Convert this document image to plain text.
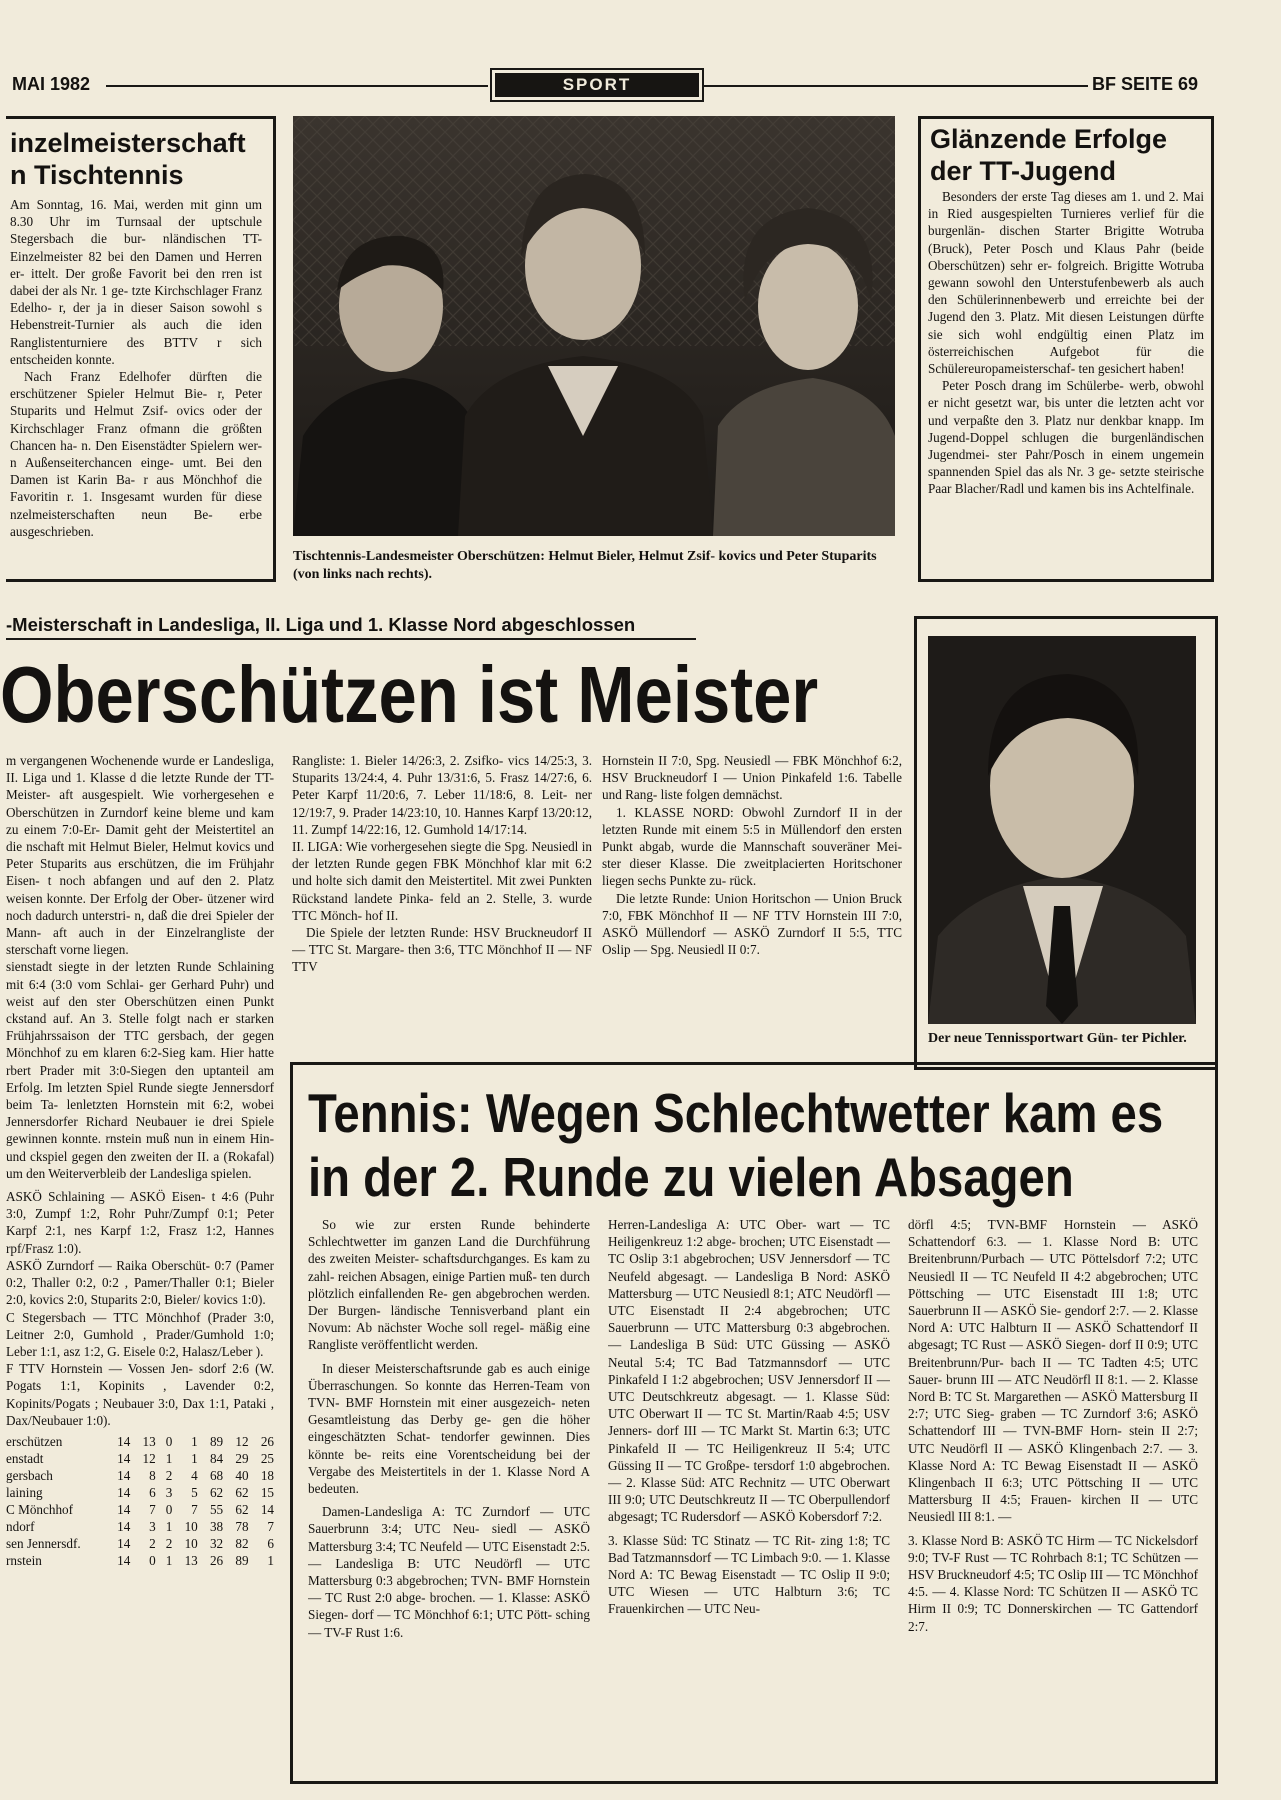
MAI 1982	SPORT	BF SEITE 69
inzelmeisterschaft
n Tischtennis

Am Sonntag, 16. Mai, werden mit ginn um 8.30 Uhr im Turnsaal der uptschule Stegersbach die bur- nländischen TT-Einzelmeister 82 bei den Damen und Herren er- ittelt. Der große Favorit bei den rren ist dabei der als Nr. 1 ge- tzte Kirchschlager Franz Edelho- r, der ja in dieser Saison sowohl s Hebenstreit-Turnier als auch die iden Ranglistenturniere des BTTV r sich entscheiden konnte.

Nach Franz Edelhofer dürften die erschützener Spieler Helmut Bie- r, Peter Stuparits und Helmut Zsif- ovics oder der Kirchschlager Franz ofmann die größten Chancen ha- n. Den Eisenstädter Spielern wer- n Außenseiterchancen einge- umt. Bei den Damen ist Karin Ba- r aus Mönchhof die Favoritin r. 1. Insgesamt wurden für diese nzelmeisterschaften neun Be- erbe ausgeschrieben.

Tischtennis-Landesmeister Oberschützen: Helmut Bieler, Helmut Zsif- kovics und Peter Stuparits (von links nach rechts).
Glänzende Erfolge
der TT-Jugend

Besonders der erste Tag dieses am 1. und 2. Mai in Ried ausgespielten Turnieres verlief für die burgenlän- dischen Starter Brigitte Wotruba (Bruck), Peter Posch und Klaus Pahr (beide Oberschützen) sehr er- folgreich. Brigitte Wotruba gewann sowohl den Unterstufenbewerb als auch den Schülerinnenbewerb und erreichte bei der Jugend den 3. Platz. Mit diesen Leistungen dürfte sie sich wohl endgültig einen Platz im österreichischen Aufgebot für die Schülereuropameisterschaf- ten gesichert haben!

Peter Posch drang im Schülerbe- werb, obwohl er nicht gesetzt war, bis unter die letzten acht vor und verpaßte den 3. Platz nur denkbar knapp. Im Jugend-Doppel schlugen die burgenländischen Jugendmei- ster Pahr/Posch in einem ungemein spannenden Spiel das als Nr. 3 ge- setzte steirische Paar Blacher/Radl und kamen bis ins Achtelfinale.

-Meisterschaft in Landesliga, II. Liga und 1. Klasse Nord abgeschlossen
Oberschützen ist Meister

m vergangenen Wochenende wurde er Landesliga, II. Liga und 1. Klasse d die letzte Runde der TT-Meister- aft ausgespielt. Wie vorhergesehen e Oberschützen in Zurndorf keine bleme und kam zu einem 7:0-Er- Damit geht der Meistertitel an die nschaft mit Helmut Bieler, Helmut kovics und Peter Stuparits aus erschützen, die im Frühjahr Eisen- t noch abfangen und auf den 2. Platz weisen konnte. Der Erfolg der Ober- ützener wird noch dadurch unterstri- n, daß die drei Spieler der Mann- aft auch in der Einzelrangliste der sterschaft vorne liegen.

sienstadt siegte in der letzten Runde Schlaining mit 6:4 (3:0 vom Schlai- ger Gerhard Puhr) und weist auf den ster Oberschützen einen Punkt ckstand auf. An 3. Stelle folgt nach er starken Frühjahrssaison der TTC gersbach, der gegen Mönchhof zu em klaren 6:2-Sieg kam. Hier hatte rbert Prader mit 3:0-Siegen den uptanteil am Erfolg. Im letzten Spiel Runde siegte Jennersdorf beim Ta- lenletzten Hornstein mit 6:2, wobei Jennersdorfer Richard Neubauer ie drei Spiele gewinnen konnte. rnstein muß nun in einem Hin- und ckspiel gegen den zweiten der II. a (Rokafal) um den Weiterverbleib der Landesliga spielen.

ASKÖ Schlaining — ASKÖ Eisen- t 4:6 (Puhr 3:0, Zumpf 1:2, Rohr Puhr/Zumpf 0:1; Peter Karpf 2:1, nes Karpf 1:2, Frasz 1:2, Hannes rpf/Frasz 1:0).

ASKÖ Zurndorf — Raika Oberschüt- 0:7 (Pamer 0:2, Thaller 0:2, 0:2 , Pamer/Thaller 0:1; Bieler 2:0, kovics 2:0, Stuparits 2:0, Bieler/ kovics 1:0).

C Stegersbach — TTC Mönchhof (Prader 3:0, Leitner 2:0, Gumhold , Prader/Gumhold 1:0; Leber 1:1, asz 1:2, G. Eisele 0:2, Halasz/Leber ).

F TTV Hornstein — Vossen Jen- sdorf 2:6 (W. Pogats 1:1, Kopinits , Lavender 0:2, Kopinits/Pogats ; Neubauer 3:0, Dax 1:1, Pataki , Dax/Neubauer 1:0).

erschützen	14	13	0	1	89	12	26
enstadt	14	12	1	1	84	29	25
gersbach	14	8	2	4	68	40	18
laining	14	6	3	5	62	62	15
C Mönchhof	14	7	0	7	55	62	14
ndorf	14	3	1	10	38	78	7
sen Jennersdf.	14	2	2	10	32	82	6
rnstein	14	0	1	13	26	89	1

Rangliste: 1. Bieler 14/26:3, 2. Zsifko- vics 14/25:3, 3. Stuparits 13/24:4, 4. Puhr 13/31:6, 5. Frasz 14/27:6, 6. Peter Karpf 11/20:6, 7. Leber 11/18:6, 8. Leit- ner 12/19:7, 9. Prader 14/23:10, 10. Hannes Karpf 13/20:12, 11. Zumpf 14/22:16, 12. Gumhold 14/17:14.

II. LIGA: Wie vorhergesehen siegte die Spg. Neusiedl in der letzten Runde gegen FBK Mönchhof klar mit 6:2 und holte sich damit den Meistertitel. Mit zwei Punkten Rückstand landete Pinka- feld an 2. Stelle, 3. wurde TTC Mönch- hof II.

Die Spiele der letzten Runde: HSV Bruckneudorf II — TTC St. Margare- then 3:6, TTC Mönchhof II — NF TTV

Hornstein II 7:0, Spg. Neusiedl — FBK Mönchhof 6:2, HSV Bruckneudorf I — Union Pinkafeld 1:6. Tabelle und Rang- liste folgen demnächst.

1. KLASSE NORD: Obwohl Zurndorf II in der letzten Runde mit einem 5:5 in Müllendorf den ersten Punkt abgab, wurde die Mannschaft souveräner Mei- ster dieser Klasse. Die zweitplacierten Horitschoner liegen sechs Punkte zu- rück.

Die letzte Runde: Union Horitschon — Union Bruck 7:0, FBK Mönchhof II — NF TTV Hornstein III 7:0, ASKÖ Müllendorf — ASKÖ Zurndorf II 5:5, TTC Oslip — Spg. Neusiedl II 0:7.

Der neue Tennissportwart Gün- ter Pichler.
Tennis: Wegen Schlechtwetter kam es
in der 2. Runde zu vielen Absagen

So wie zur ersten Runde behinderte Schlechtwetter im ganzen Land die Durchführung des zweiten Meister- schaftsdurchganges. Es kam zu zahl- reichen Absagen, einige Partien muß- ten durch plötzlich einfallenden Re- gen abgebrochen werden. Der Burgen- ländische Tennisverband plant ein Novum: Ab nächster Woche soll regel- mäßig eine Rangliste veröffentlicht werden.

In dieser Meisterschaftsrunde gab es auch einige Überraschungen. So konnte das Herren-Team von TVN- BMF Hornstein mit einer ausgezeich- neten Gesamtleistung das Derby ge- gen die höher eingeschätzten Schat- tendorfer gewinnen. Dies könnte be- reits eine Vorentscheidung bei der Vergabe des Meistertitels in der 1. Klasse Nord A bedeuten.

Damen-Landesliga A: TC Zurndorf — UTC Sauerbrunn 3:4; UTC Neu- siedl — ASKÖ Mattersburg 3:4; TC Neufeld — UTC Eisenstadt 2:5. — Landesliga B: UTC Neudörfl — UTC Mattersburg 0:3 abgebrochen; TVN- BMF Hornstein — TC Rust 2:0 abge- brochen. — 1. Klasse: ASKÖ Siegen- dorf — TC Mönchhof 6:1; UTC Pött- sching — TV-F Rust 1:6.

Herren-Landesliga A: UTC Ober- wart — TC Heiligenkreuz 1:2 abge- brochen; UTC Eisenstadt — TC Oslip 3:1 abgebrochen; USV Jennersdorf — TC Neufeld abgesagt. — Landesliga B Nord: ASKÖ Mattersburg — UTC Neusiedl 8:1; ATC Neudörfl — UTC Eisenstadt II 2:4 abgebrochen; UTC Sauerbrunn — UTC Mattersburg 0:3 abgebrochen. — Landesliga B Süd: UTC Güssing — ASKÖ Neutal 5:4; TC Bad Tatzmannsdorf — UTC Pinkafeld I 1:2 abgebrochen; USV Jennersdorf II — UTC Deutschkreutz abgesagt. — 1. Klasse Süd: UTC Oberwart II — TC St. Martin/Raab 4:5; USV Jenners- dorf III — TC Markt St. Martin 6:3; UTC Pinkafeld II — TC Heiligenkreuz II 5:4; UTC Güssing II — TC Großpe- tersdorf 1:0 abgebrochen. — 2. Klasse Süd: ATC Rechnitz — UTC Oberwart III 9:0; UTC Deutschkreutz II — TC Oberpullendorf abgesagt; TC Rudersdorf — ASKÖ Kobersdorf 7:2.

3. Klasse Süd: TC Stinatz — TC Rit- zing 1:8; TC Bad Tatzmannsdorf — TC Limbach 9:0. — 1. Klasse Nord A: TC Bewag Eisenstadt — TC Oslip II 9:0; UTC Wiesen — UTC Halbturn 3:6; TC Frauenkirchen — UTC Neu-

dörfl 4:5; TVN-BMF Hornstein — ASKÖ Schattendorf 6:3. — 1. Klasse Nord B: UTC Breitenbrunn/Purbach — UTC Pöttelsdorf 7:2; UTC Neusiedl II — TC Neufeld II 4:2 abgebrochen; UTC Pöttsching — UTC Eisenstadt III 1:8; UTC Sauerbrunn II — ASKÖ Sie- gendorf 2:7. — 2. Klasse Nord A: UTC Halbturn II — ASKÖ Schattendorf II abgesagt; TC Rust — ASKÖ Siegen- dorf II 0:9; UTC Breitenbrunn/Pur- bach II — TC Tadten 4:5; UTC Sauer- brunn III — ATC Neudörfl II 8:1. — 2. Klasse Nord B: TC St. Margarethen — ASKÖ Mattersburg II 2:7; UTC Sieg- graben — TC Zurndorf 3:6; ASKÖ Schattendorf III — TVN-BMF Horn- stein II 2:7; UTC Neudörfl II — ASKÖ Klingenbach 2:7. — 3. Klasse Nord A: TC Bewag Eisenstadt II — ASKÖ Klingenbach II 6:3; UTC Pöttsching II — UTC Mattersburg II 4:5; Frauen- kirchen II — UTC Neusiedl III 8:1. —

3. Klasse Nord B: ASKÖ TC Hirm — TC Nickelsdorf 9:0; TV-F Rust — TC Rohrbach 8:1; TC Schützen — HSV Bruckneudorf 4:5; TC Oslip III — TC Mönchhof 4:5. — 4. Klasse Nord: TC Schützen II — ASKÖ TC Hirm II 0:9; TC Donnerskirchen — TC Gattendorf 2:7.
